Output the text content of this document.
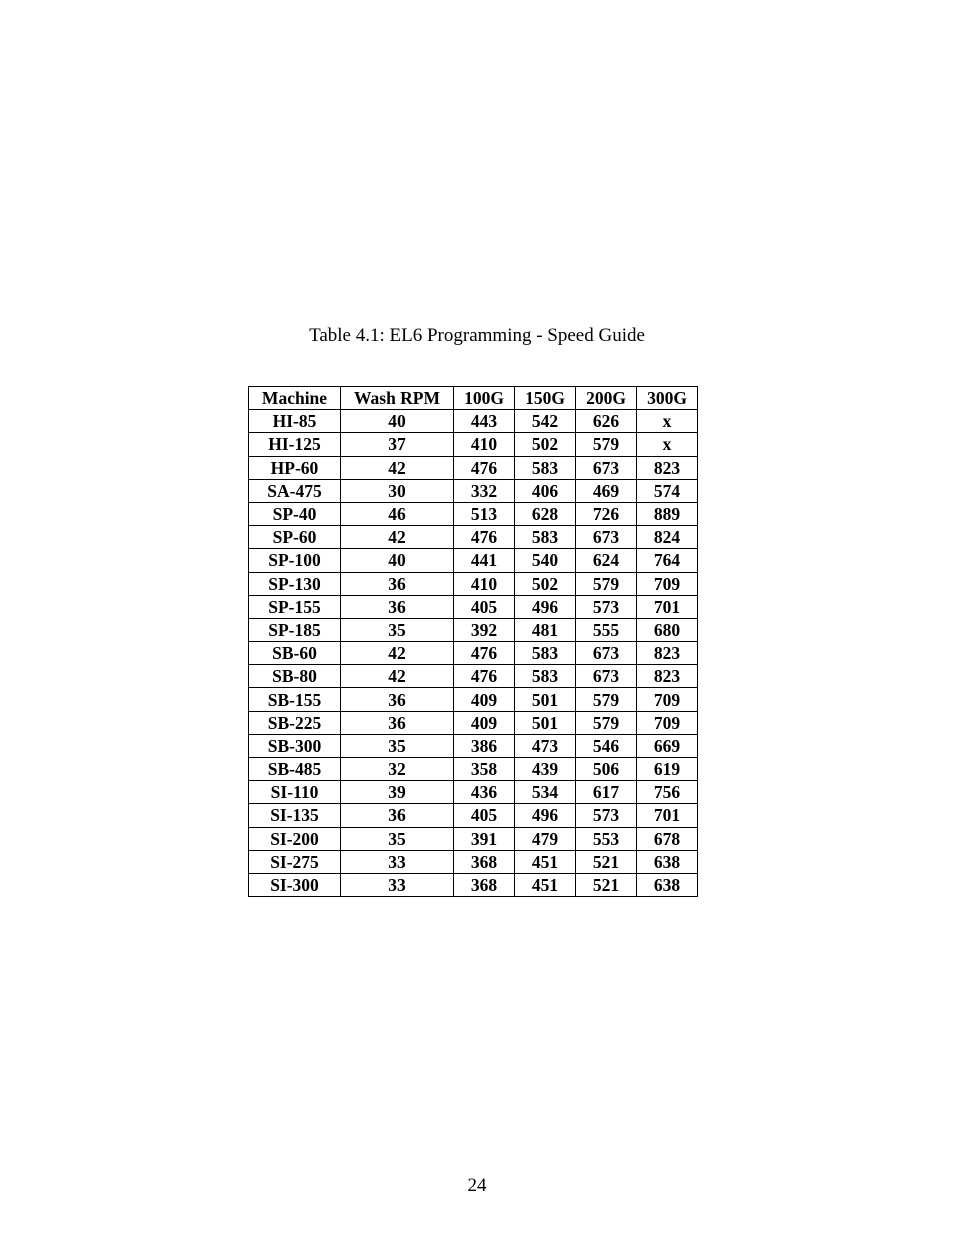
Table 4.1: EL6 Programming - Speed Guide
Machine	Wash RPM	100G	150G	200G	300G
HI-85	40	443	542	626	x
HI-125	37	410	502	579	x
HP-60	42	476	583	673	823
SA-475	30	332	406	469	574
SP-40	46	513	628	726	889
SP-60	42	476	583	673	824
SP-100	40	441	540	624	764
SP-130	36	410	502	579	709
SP-155	36	405	496	573	701
SP-185	35	392	481	555	680
SB-60	42	476	583	673	823
SB-80	42	476	583	673	823
SB-155	36	409	501	579	709
SB-225	36	409	501	579	709
SB-300	35	386	473	546	669
SB-485	32	358	439	506	619
SI-110	39	436	534	617	756
SI-135	36	405	496	573	701
SI-200	35	391	479	553	678
SI-275	33	368	451	521	638
SI-300	33	368	451	521	638
24
